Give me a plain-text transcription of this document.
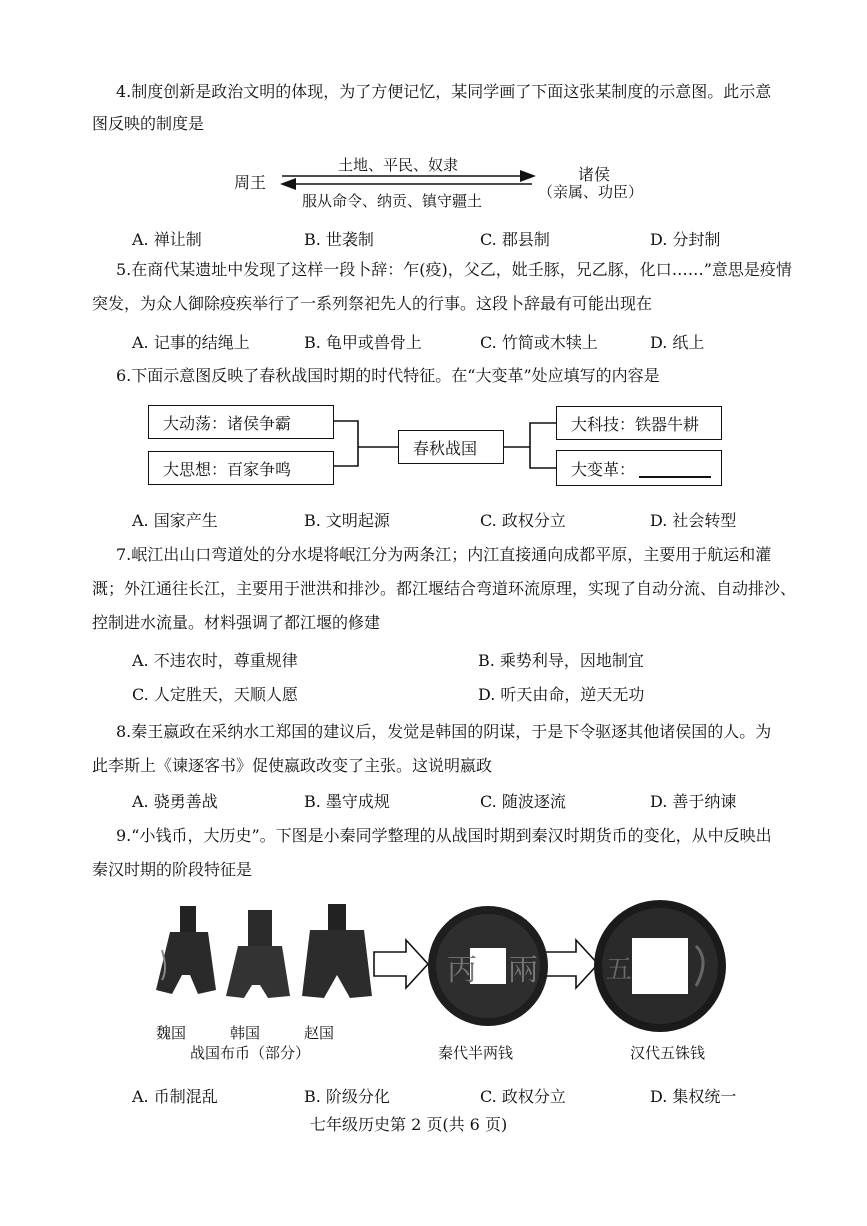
丙 兩	五
4.制度创新是政治文明的体现，为了方便记忆，某同学画了下面这张某制度的示意图。此示意
图反映的制度是
周王
土地、平民、奴隶
服从命令、纳贡、镇守疆土
诸侯
（亲属、功臣）
A. 禅让制	B. 世袭制	C. 郡县制	D. 分封制
5.在商代某遗址中发现了这样一段卜辞：乍(疫)，父乙，妣壬豚，兄乙豚，化口……”意思是疫情
突发，为众人御除疫疾举行了一系列祭祀先人的行事。这段卜辞最有可能出现在
A. 记事的结绳上	B. 龟甲或兽骨上	C. 竹简或木犊上	D. 纸上
6.下面示意图反映了春秋战国时期的时代特征。在“大变革”处应填写的内容是
大动荡：诸侯争霸
大思想：百家争鸣
春秋战国
大科技：铁器牛耕
大变革：
A. 国家产生	B. 文明起源	C. 政权分立	D. 社会转型
7.岷江出山口弯道处的分水堤将岷江分为两条江；内江直接通向成都平原，主要用于航运和灌
溉；外江通往长江，主要用于泄洪和排沙。都江堰结合弯道环流原理，实现了自动分流、自动排沙、
控制进水流量。材料强调了都江堰的修建
A. 不违农时，尊重规律	B. 乘势利导，因地制宜
C. 人定胜天，天顺人愿	D. 听天由命，逆天无功
8.秦王嬴政在采纳水工郑国的建议后，发觉是韩国的阴谋，于是下令驱逐其他诸侯国的人。为
此李斯上《谏逐客书》促使嬴政改变了主张。这说明嬴政
A. 骁勇善战	B. 墨守成规	C. 随波逐流	D. 善于纳谏
9.“小钱币，大历史”。下图是小秦同学整理的从战国时期到秦汉时期货币的变化，从中反映出
秦汉时期的阶段特征是
魏国	韩国	赵国
战国布币（部分）	秦代半两钱	汉代五铢钱
A. 币制混乱	B. 阶级分化	C. 政权分立	D. 集权统一
七年级历史第 2 页(共 6 页)
